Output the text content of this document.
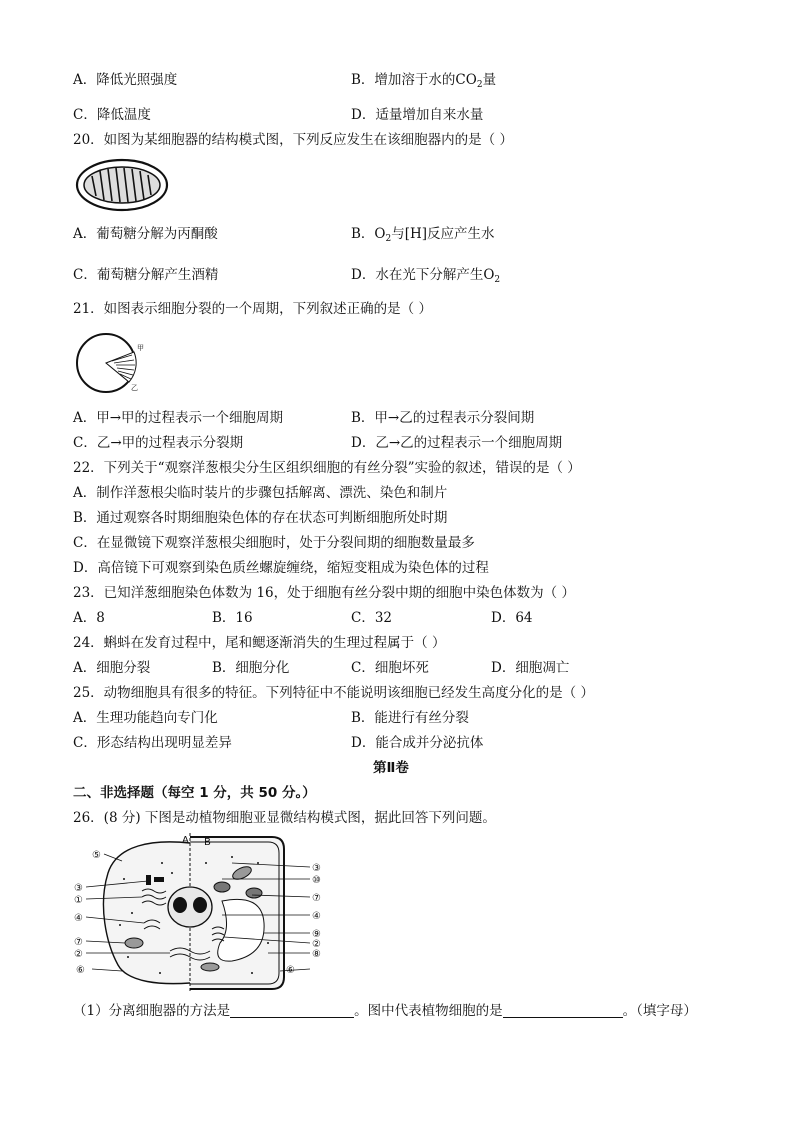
A．降低光照强度	B．增加溶于水的$CO_2$量
C．降低温度	D．适量增加自来水量
20．如图为某细胞器的结构模式图，下列反应发生在该细胞器内的是（ ）
A．葡萄糖分解为丙酮酸	B．$O_2$与[H]反应产生水
C．葡萄糖分解产生酒精	D．水在光下分解产生$O_2$
21．如图表示细胞分裂的一个周期，下列叙述正确的是（ ）
甲
乙
A．甲→甲的过程表示一个细胞周期	B．甲→乙的过程表示分裂间期
C．乙→甲的过程表示分裂期	D．乙→乙的过程表示一个细胞周期
22．下列关于“观察洋葱根尖分生区组织细胞的有丝分裂”实验的叙述，错误的是（ ）
A．制作洋葱根尖临时装片的步骤包括解离、漂洗、染色和制片
B．通过观察各时期细胞染色体的存在状态可判断细胞所处时期
C．在显微镜下观察洋葱根尖细胞时，处于分裂间期的细胞数量最多
D．高倍镜下可观察到染色质丝螺旋缠绕，缩短变粗成为染色体的过程
23．已知洋葱细胞染色体数为 16，处于细胞有丝分裂中期的细胞中染色体数为（ ）
A．8	B．16	C．32	D．64
24．蝌蚪在发育过程中，尾和鳃逐渐消失的生理过程属于（ ）
A．细胞分裂	B．细胞分化	C．细胞坏死	D．细胞凋亡
25．动物细胞具有很多的特征。下列特征中不能说明该细胞已经发生高度分化的是（ ）
A．生理功能趋向专门化	B．能进行有丝分裂
C．形态结构出现明显差异	D．能合成并分泌抗体
第Ⅱ卷
二、非选择题（每空 1 分，共 50 分。）
26．(8 分) 下图是动植物细胞亚显微结构模式图，据此回答下列问题。
A B
⑤
③
①
④
⑦
②
⑥
③
⑩
⑦
④
⑨
②
⑧
⑥
（1）分离细胞器的方法是	。图中代表植物细胞的是	。（填字母）
